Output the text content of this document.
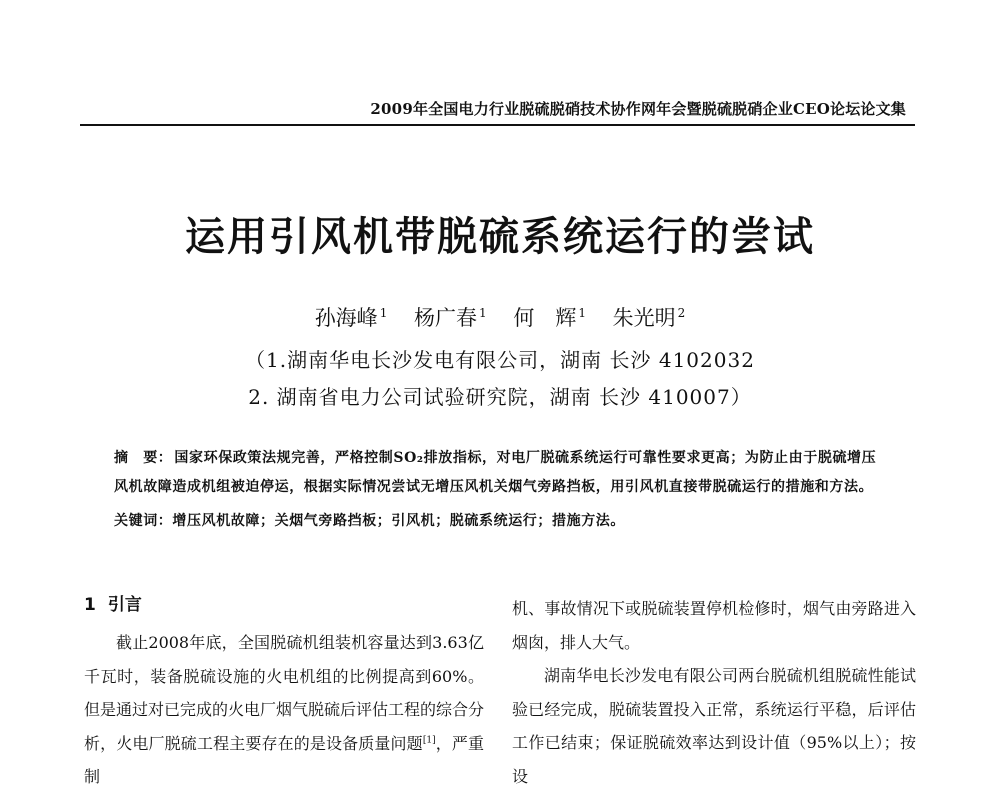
2009年全国电力行业脱硫脱硝技术协作网年会暨脱硫脱硝企业CEO论坛论文集
运用引风机带脱硫系统运行的尝试
孙海峰 $^1$ 杨广春 $^1$ 何　辉 $^1$ 朱光明 $^2$
（1.湖南华电长沙发电有限公司，湖南 长沙 4102032
2. 湖南省电力公司试验研究院，湖南 长沙 410007）
摘　要： 国家环保政策法规完善，严格控制SO₂排放指标，对电厂脱硫系统运行可靠性要求更高；为防止由于脱硫增压风机故障造成机组被迫停运，根据实际情况尝试无增压风机关烟气旁路挡板，用引风机直接带脱硫运行的措施和方法。
关键词：增压风机故障；关烟气旁路挡板；引风机；脱硫系统运行；措施方法。
1 引言

截止2008年底，全国脱硫机组装机容量达到3.63亿千瓦时，装备脱硫设施的火电机组的比例提高到60%。但是通过对已完成的火电厂烟气脱硫后评估工程的综合分析，火电厂脱硫工程主要存在的是设备质量问题[1]，严重制

机、事故情况下或脱硫装置停机检修时，烟气由旁路进入烟囱，排人大气。

湖南华电长沙发电有限公司两台脱硫机组脱硫性能试验已经完成，脱硫装置投入正常，系统运行平稳，后评估工作已结束；保证脱硫效率达到设计值（95%以上）；按设
